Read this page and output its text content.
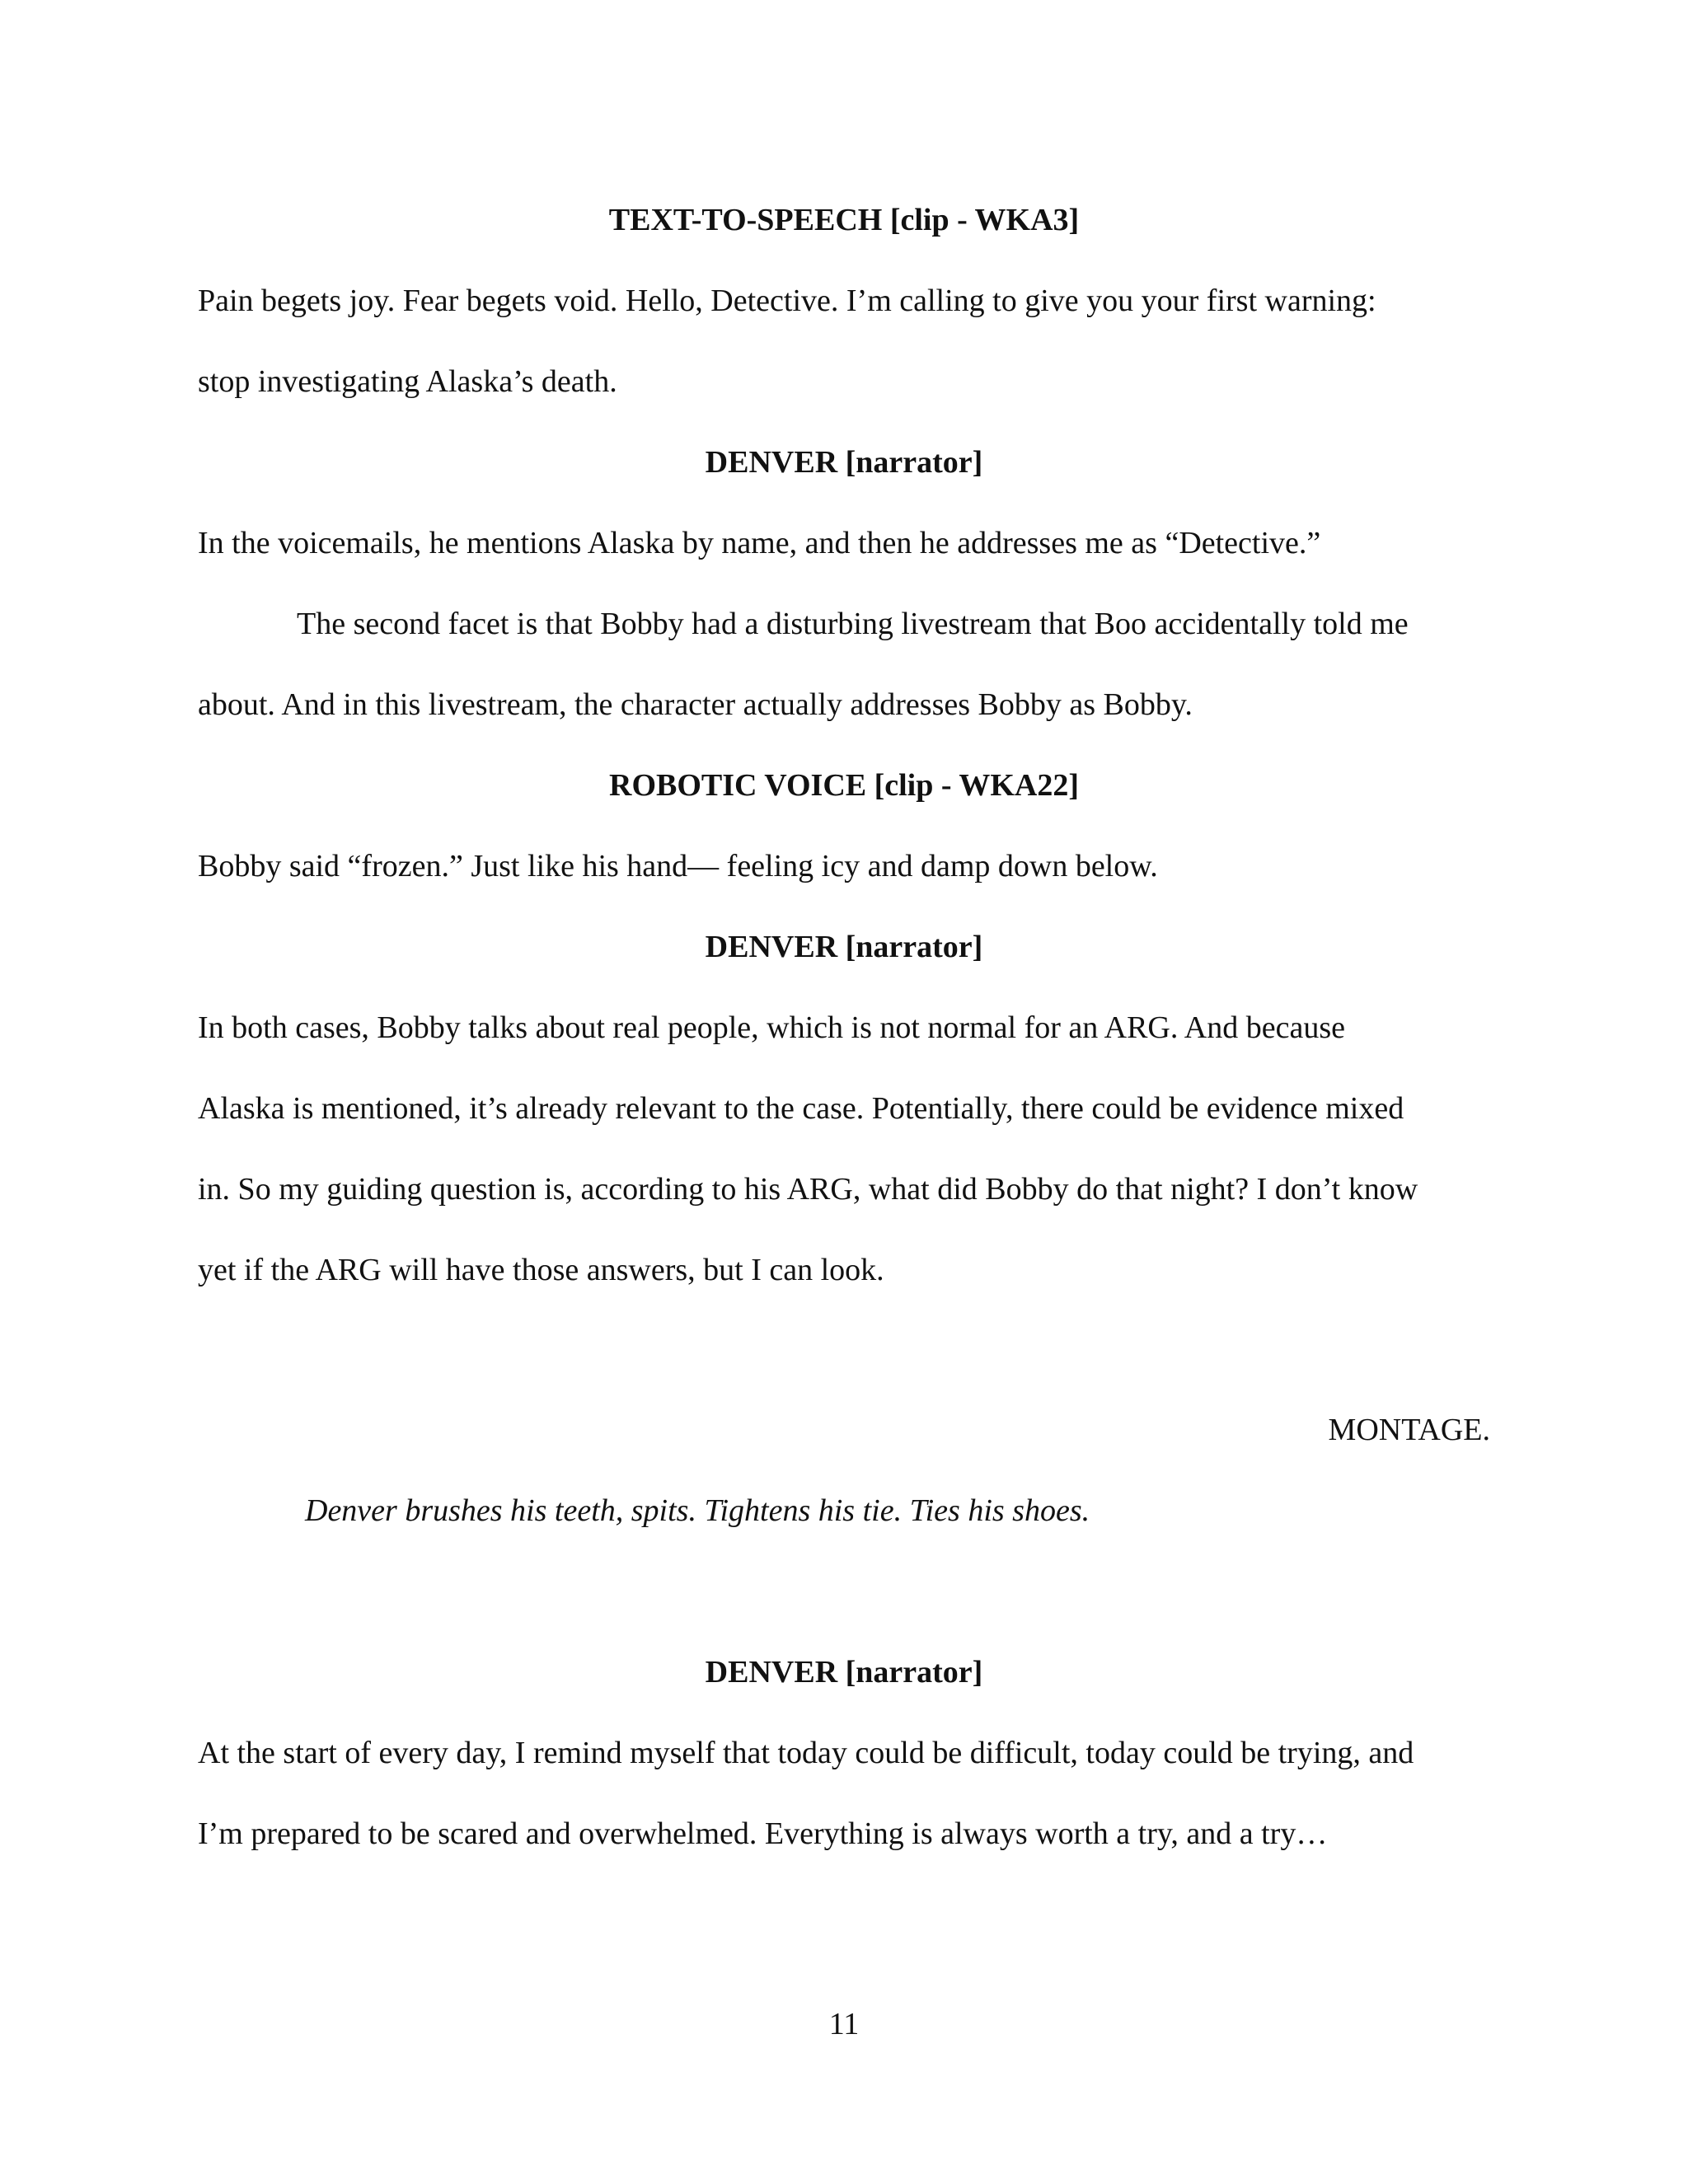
TEXT-TO-SPEECH [clip - WKA3]

Pain begets joy. Fear begets void. Hello, Detective. I’m calling to give you your first warning:

stop investigating Alaska’s death.

DENVER [narrator]

In the voicemails, he mentions Alaska by name, and then he addresses me as “Detective.”

The second facet is that Bobby had a disturbing livestream that Boo accidentally told me

about. And in this livestream, the character actually addresses Bobby as Bobby.

ROBOTIC VOICE [clip - WKA22]

Bobby said “frozen.” Just like his hand— feeling icy and damp down below.

DENVER [narrator]

In both cases, Bobby talks about real people, which is not normal for an ARG. And because

Alaska is mentioned, it’s already relevant to the case. Potentially, there could be evidence mixed

in. So my guiding question is, according to his ARG, what did Bobby do that night? I don’t know

yet if the ARG will have those answers, but I can look.

MONTAGE.

Denver brushes his teeth, spits. Tightens his tie. Ties his shoes.

DENVER [narrator]

At the start of every day, I remind myself that today could be difficult, today could be trying, and

I’m prepared to be scared and overwhelmed. Everything is always worth a try, and a try…

11
